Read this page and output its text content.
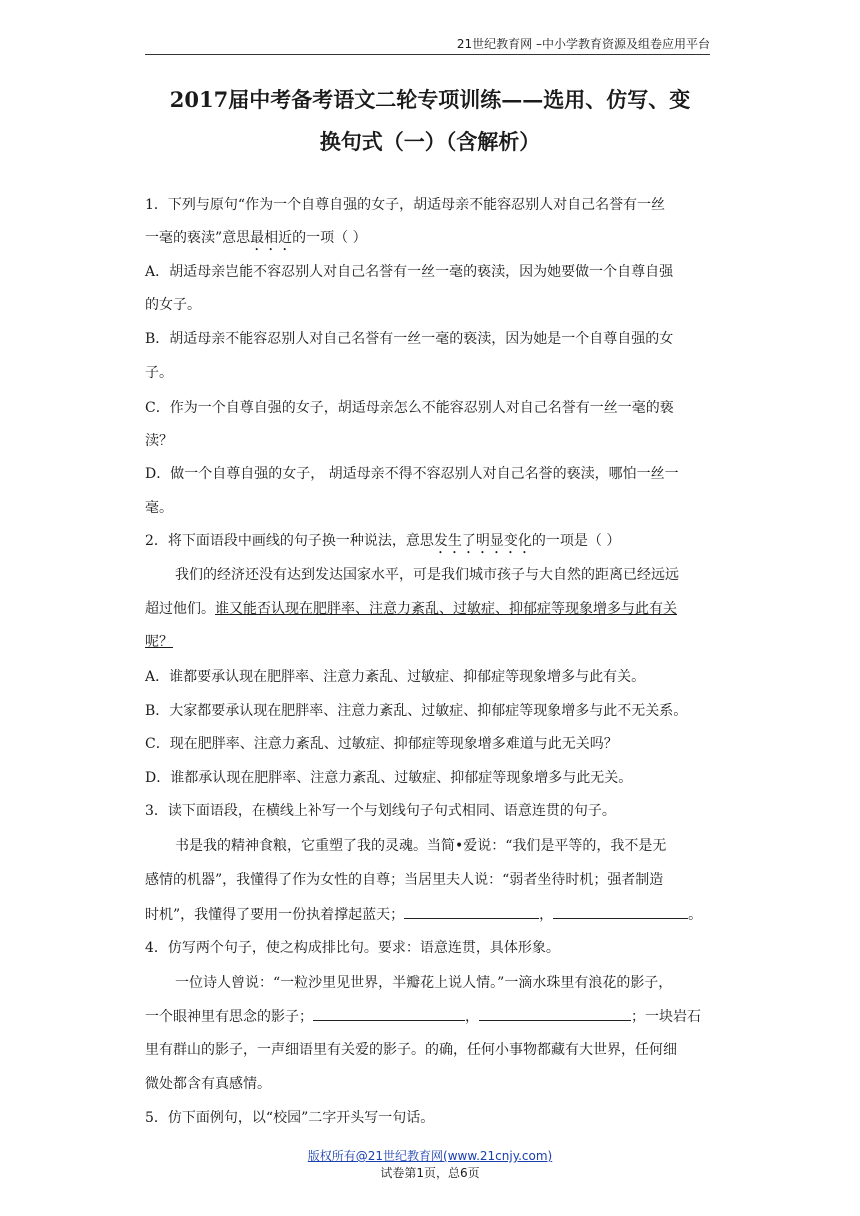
21世纪教育网 –中小学教育资源及组卷应用平台
2017届中考备考语文二轮专项训练——选用、仿写、变
换句式（一）（含解析）
1．下列与原句“作为一个自尊自强的女子，胡适母亲不能容忍别人对自己名誉有一丝
一毫的亵渎”意思最相近的一项（ ）
A．胡适母亲岂能不容忍别人对自己名誉有一丝一毫的亵渎，因为她要做一个自尊自强
的女子。
B．胡适母亲不能容忍别人对自己名誉有一丝一毫的亵渎，因为她是一个自尊自强的女
子。
C．作为一个自尊自强的女子，胡适母亲怎么不能容忍别人对自己名誉有一丝一毫的亵
渎？
D．做一个自尊自强的女子， 胡适母亲不得不容忍别人对自己名誉的亵渎，哪怕一丝一
毫。
2．将下面语段中画线的句子换一种说法，意思发生了明显变化的一项是（ ）
我们的经济还没有达到发达国家水平，可是我们城市孩子与大自然的距离已经远远
超过他们。谁又能否认现在肥胖率、注意力紊乱、过敏症、抑郁症等现象增多与此有关
呢？
A．谁都要承认现在肥胖率、注意力紊乱、过敏症、抑郁症等现象增多与此有关。
B．大家都要承认现在肥胖率、注意力紊乱、过敏症、抑郁症等现象增多与此不无关系。
C．现在肥胖率、注意力紊乱、过敏症、抑郁症等现象增多难道与此无关吗？
D．谁都承认现在肥胖率、注意力紊乱、过敏症、抑郁症等现象增多与此无关。
3．读下面语段，在横线上补写一个与划线句子句式相同、语意连贯的句子。
书是我的精神食粮，它重塑了我的灵魂。当简•爱说：“我们是平等的，我不是无
感情的机器”，我懂得了作为女性的自尊；当居里夫人说：“弱者坐待时机；强者制造
时机”，我懂得了要用一份执着撑起蓝天；	，	。
4．仿写两个句子，使之构成排比句。要求：语意连贯，具体形象。
一位诗人曾说：“一粒沙里见世界，半瓣花上说人情。”一滴水珠里有浪花的影子，
一个眼神里有思念的影子；	，	；一块岩石
里有群山的影子，一声细语里有关爱的影子。的确，任何小事物都藏有大世界，任何细
微处都含有真感情。
5．仿下面例句，以“校园”二字开头写一句话。
版权所有@21世纪教育网(www.21cnjy.com)
试卷第1页，总6页
